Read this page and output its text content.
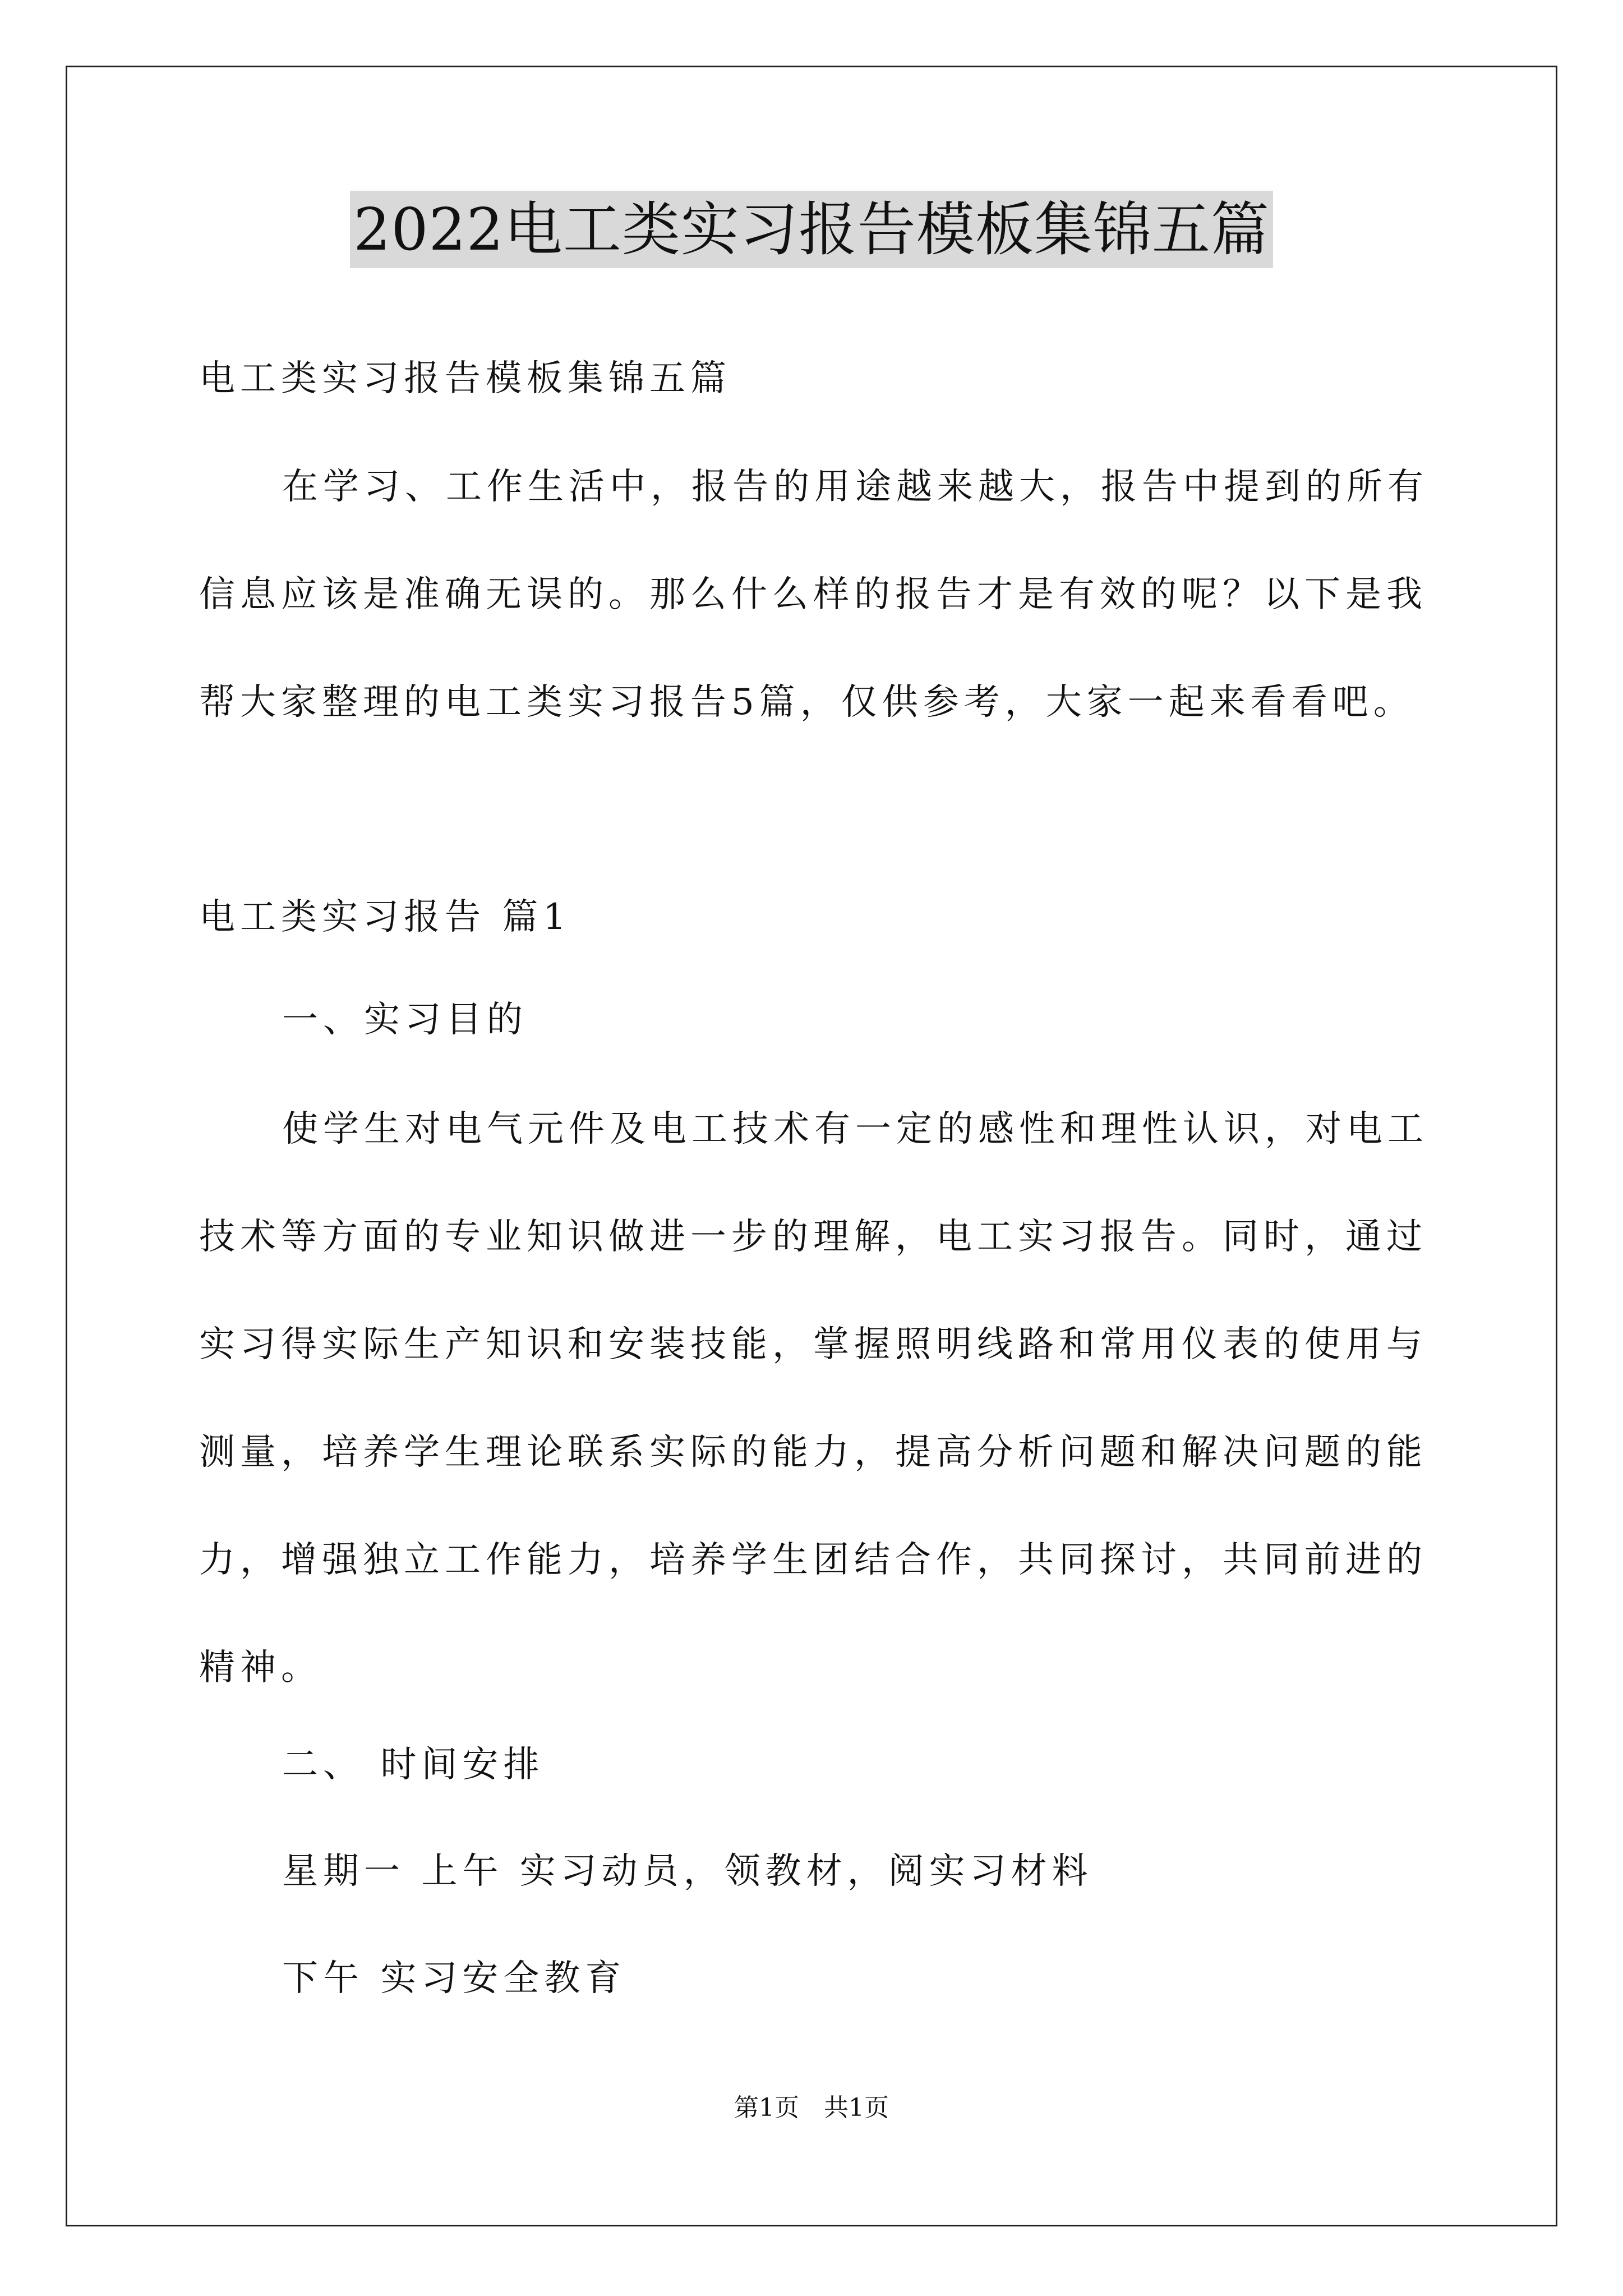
2022电工类实习报告模板集锦五篇

电工类实习报告模板集锦五篇

在学习、工作生活中，报告的用途越来越大，报告中提到的所有信息应该是准确无误的。那么什么样的报告才是有效的呢？以下是我帮大家整理的电工类实习报告5篇，仅供参考，大家一起来看看吧。

电工类实习报告 篇1

一、实习目的

使学生对电气元件及电工技术有一定的感性和理性认识，对电工技术等方面的专业知识做进一步的理解，电工实习报告。同时，通过实习得实际生产知识和安装技能，掌握照明线路和常用仪表的使用与测量，培养学生理论联系实际的能力，提高分析问题和解决问题的能力，增强独立工作能力，培养学生团结合作，共同探讨，共同前进的精神。

二、 时间安排

星期一 上午 实习动员，领教材，阅实习材料

下午 实习安全教育

第1页　共1页
